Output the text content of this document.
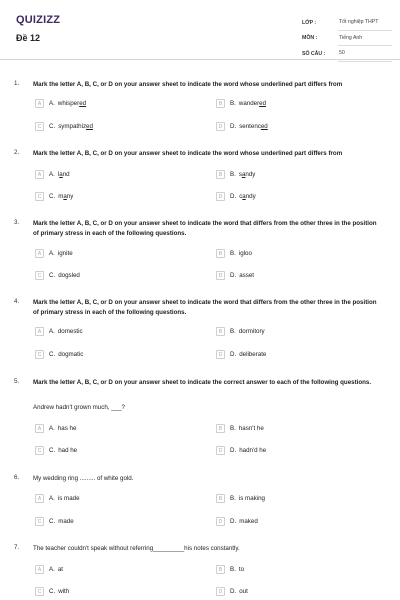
QUIZIZZ
Đề 12
LỚP :	Tốt nghiệp THPT
MÔN :	Tiếng Anh
SỐ CÂU :	50
1. Mark the letter A, B, C, or D on your answer sheet to indicate the word whose underlined part differs from
A	A. whisper ed	B	B. wander ed
C	C. sympathiz ed	D	D. sentenc ed
2. Mark the letter A, B, C, or D on your answer sheet to indicate the word whose underlined part differs from
A	A. l a nd	B	B. s a ndy
C	C. m a ny	D	D. c a ndy
3. Mark the letter A, B, C, or D on your answer sheet to indicate the word that differs from the other three in the position of primary stress in each of the following questions.
A	A. ignite	B	B. igloo
C	C. dogsled	D	D. asset
4. Mark the letter A, B, C, or D on your answer sheet to indicate the word that differs from the other three in the position of primary stress in each of the following questions.
A	A. domestic	B	B. dormitory
C	C. dogmatic	D	D. deliberate
5. Mark the letter A, B, C, or D on your answer sheet to indicate the correct answer to each of the following questions.
Andrew hadn't grown much, ___?
A	A. has he	B	B. hasn't he
C	C. had he	D	D. hadn'd he
6. My wedding ring ......... of white gold.
A	A. is made	B	B. is making
C	C. made	D	D. maked
7. The teacher couldn't speak without referring_________his notes constantly.
A	A. at	B	B. to
C	C. with	D	D. out
